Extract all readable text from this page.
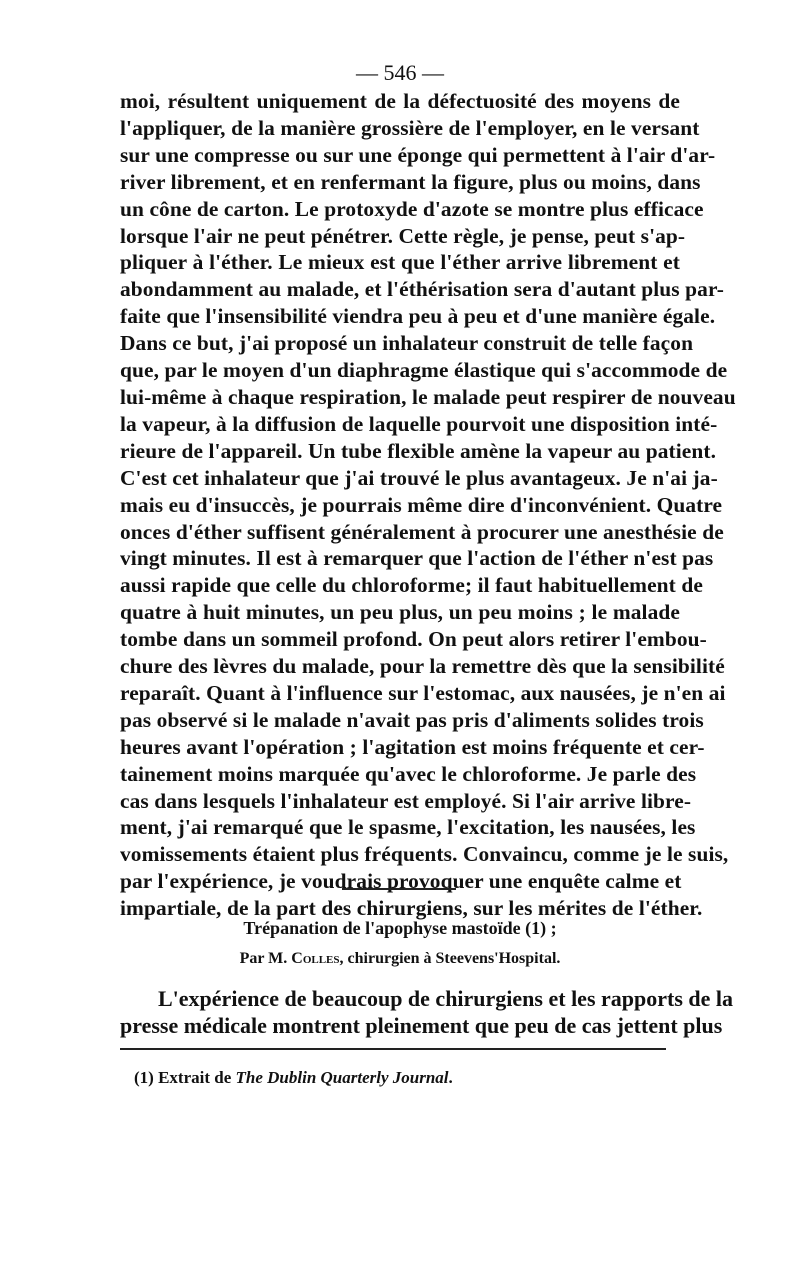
— 546 —
moi, résultent uniquement de la défectuosité des moyens de
l'appliquer, de la manière grossière de l'employer, en le versant
sur une compresse ou sur une éponge qui permettent à l'air d'ar-
river librement, et en renfermant la figure, plus ou moins, dans
un cône de carton. Le protoxyde d'azote se montre plus efficace
lorsque l'air ne peut pénétrer. Cette règle, je pense, peut s'ap-
pliquer à l'éther. Le mieux est que l'éther arrive librement et
abondamment au malade, et l'éthérisation sera d'autant plus par-
faite que l'insensibilité viendra peu à peu et d'une manière égale.
Dans ce but, j'ai proposé un inhalateur construit de telle façon
que, par le moyen d'un diaphragme élastique qui s'accommode de
lui-même à chaque respiration, le malade peut respirer de nouveau
la vapeur, à la diffusion de laquelle pourvoit une disposition inté-
rieure de l'appareil. Un tube flexible amène la vapeur au patient.
C'est cet inhalateur que j'ai trouvé le plus avantageux. Je n'ai ja-
mais eu d'insuccès, je pourrais même dire d'inconvénient. Quatre
onces d'éther suffisent généralement à procurer une anesthésie de
vingt minutes. Il est à remarquer que l'action de l'éther n'est pas
aussi rapide que celle du chloroforme; il faut habituellement de
quatre à huit minutes, un peu plus, un peu moins ; le malade
tombe dans un sommeil profond. On peut alors retirer l'embou-
chure des lèvres du malade, pour la remettre dès que la sensibilité
reparaît. Quant à l'influence sur l'estomac, aux nausées, je n'en ai
pas observé si le malade n'avait pas pris d'aliments solides trois
heures avant l'opération ; l'agitation est moins fréquente et cer-
tainement moins marquée qu'avec le chloroforme. Je parle des
cas dans lesquels l'inhalateur est employé. Si l'air arrive libre-
ment, j'ai remarqué que le spasme, l'excitation, les nausées, les
vomissements étaient plus fréquents. Convaincu, comme je le suis,
par l'expérience, je voudrais provoquer une enquête calme et
impartiale, de la part des chirurgiens, sur les mérites de l'éther.
Trépanation de l'apophyse mastoïde (1) ;
Par M. Colles, chirurgien à Steevens'Hospital.
L'expérience de beaucoup de chirurgiens et les rapports de la
presse médicale montrent pleinement que peu de cas jettent plus
(1) Extrait de The Dublin Quarterly Journal.
